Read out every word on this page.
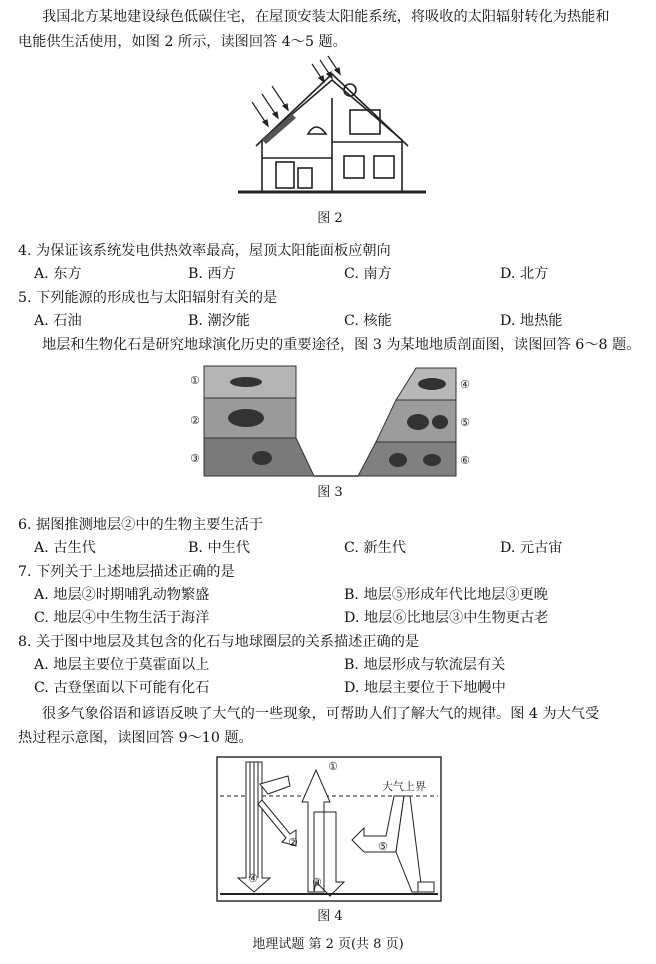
我国北方某地建设绿色低碳住宅，在屋顶安装太阳能系统，将吸收的太阳辐射转化为热能和
电能供生活使用，如图 2 所示，读图回答 4～5 题。
图 2
4. 为保证该系统发电供热效率最高，屋顶太阳能面板应朝向
A. 东方	B. 西方	C. 南方	D. 北方
5. 下列能源的形成也与太阳辐射有关的是
A. 石油	B. 潮汐能	C. 核能	D. 地热能
地层和生物化石是研究地球演化历史的重要途径，图 3 为某地地质剖面图，读图回答 6～8 题。
①
②
③
④
⑤
⑥
图 3
6. 据图推测地层②中的生物主要生活于
A. 古生代	B. 中生代	C. 新生代	D. 元古宙
7. 下列关于上述地层描述正确的是
A. 地层②时期哺乳动物繁盛	B. 地层⑤形成年代比地层③更晚
C. 地层④中生物生活于海洋	D. 地层⑥比地层③中生物更古老
8. 关于图中地层及其包含的化石与地球圈层的关系描述正确的是
A. 地层主要位于莫霍面以上	B. 地层形成与软流层有关
C. 古登堡面以下可能有化石	D. 地层主要位于下地幔中
很多气象俗语和谚语反映了大气的一些现象，可帮助人们了解大气的规律。图 4 为大气受
热过程示意图，读图回答 9～10 题。
①
②
③
④
⑤
大气上界
图 4
地理试题 第 2 页(共 8 页)
